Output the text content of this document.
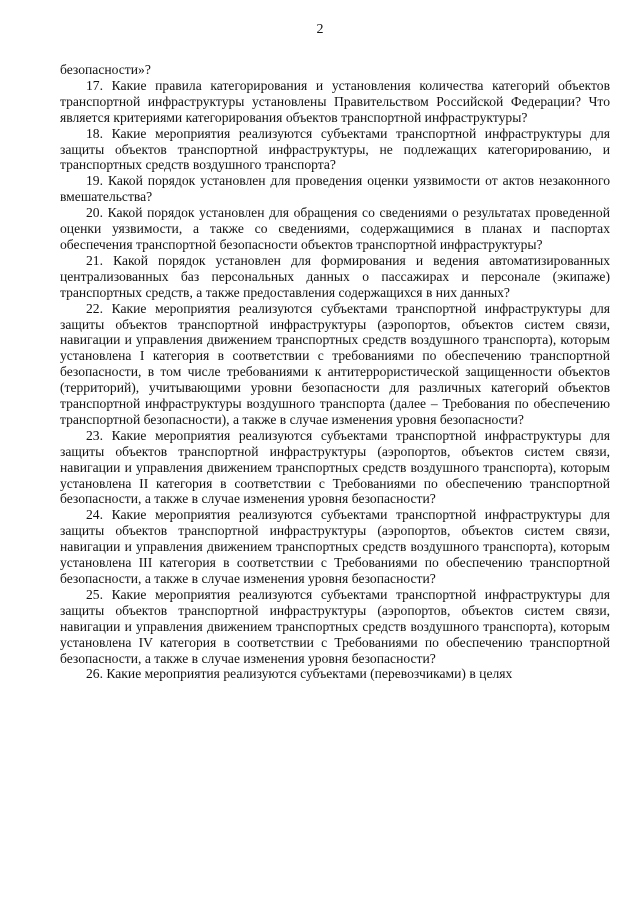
2

безопасности»?

17. Какие правила категорирования и установления количества категорий объектов транспортной инфраструктуры установлены Правительством Российской Федерации? Что является критериями категорирования объектов транспортной инфраструктуры?

18. Какие мероприятия реализуются субъектами транспортной инфраструктуры для защиты объектов транспортной инфраструктуры, не подлежащих категорированию, и транспортных средств воздушного транспорта?

19. Какой порядок установлен для проведения оценки уязвимости от актов незаконного вмешательства?

20. Какой порядок установлен для обращения со сведениями о результатах проведенной оценки уязвимости, а также со сведениями, содержащимися в планах и паспортах обеспечения транспортной безопасности объектов транспортной инфраструктуры?

21. Какой порядок установлен для формирования и ведения автоматизированных централизованных баз персональных данных о пассажирах и персонале (экипаже) транспортных средств, а также предоставления содержащихся в них данных?

22. Какие мероприятия реализуются субъектами транспортной инфраструктуры для защиты объектов транспортной инфраструктуры (аэропортов, объектов систем связи, навигации и управления движением транспортных средств воздушного транспорта), которым установлена I категория в соответствии с требованиями по обеспечению транспортной безопасности, в том числе требованиями к антитеррористической защищенности объектов (территорий), учитывающими уровни безопасности для различных категорий объектов транспортной инфраструктуры воздушного транспорта (далее – Требования по обеспечению транспортной безопасности), а также в случае изменения уровня безопасности?

23. Какие мероприятия реализуются субъектами транспортной инфраструктуры для защиты объектов транспортной инфраструктуры (аэропортов, объектов систем связи, навигации и управления движением транспортных средств воздушного транспорта), которым установлена II категория в соответствии с Требованиями по обеспечению транспортной безопасности, а также в случае изменения уровня безопасности?

24. Какие мероприятия реализуются субъектами транспортной инфраструктуры для защиты объектов транспортной инфраструктуры (аэропортов, объектов систем связи, навигации и управления движением транспортных средств воздушного транспорта), которым установлена III категория в соответствии с Требованиями по обеспечению транспортной безопасности, а также в случае изменения уровня безопасности?

25. Какие мероприятия реализуются субъектами транспортной инфраструктуры для защиты объектов транспортной инфраструктуры (аэропортов, объектов систем связи, навигации и управления движением транспортных средств воздушного транспорта), которым установлена IV категория в соответствии с Требованиями по обеспечению транспортной безопасности, а также в случае изменения уровня безопасности?

26. Какие мероприятия реализуются субъектами (перевозчиками) в целях
